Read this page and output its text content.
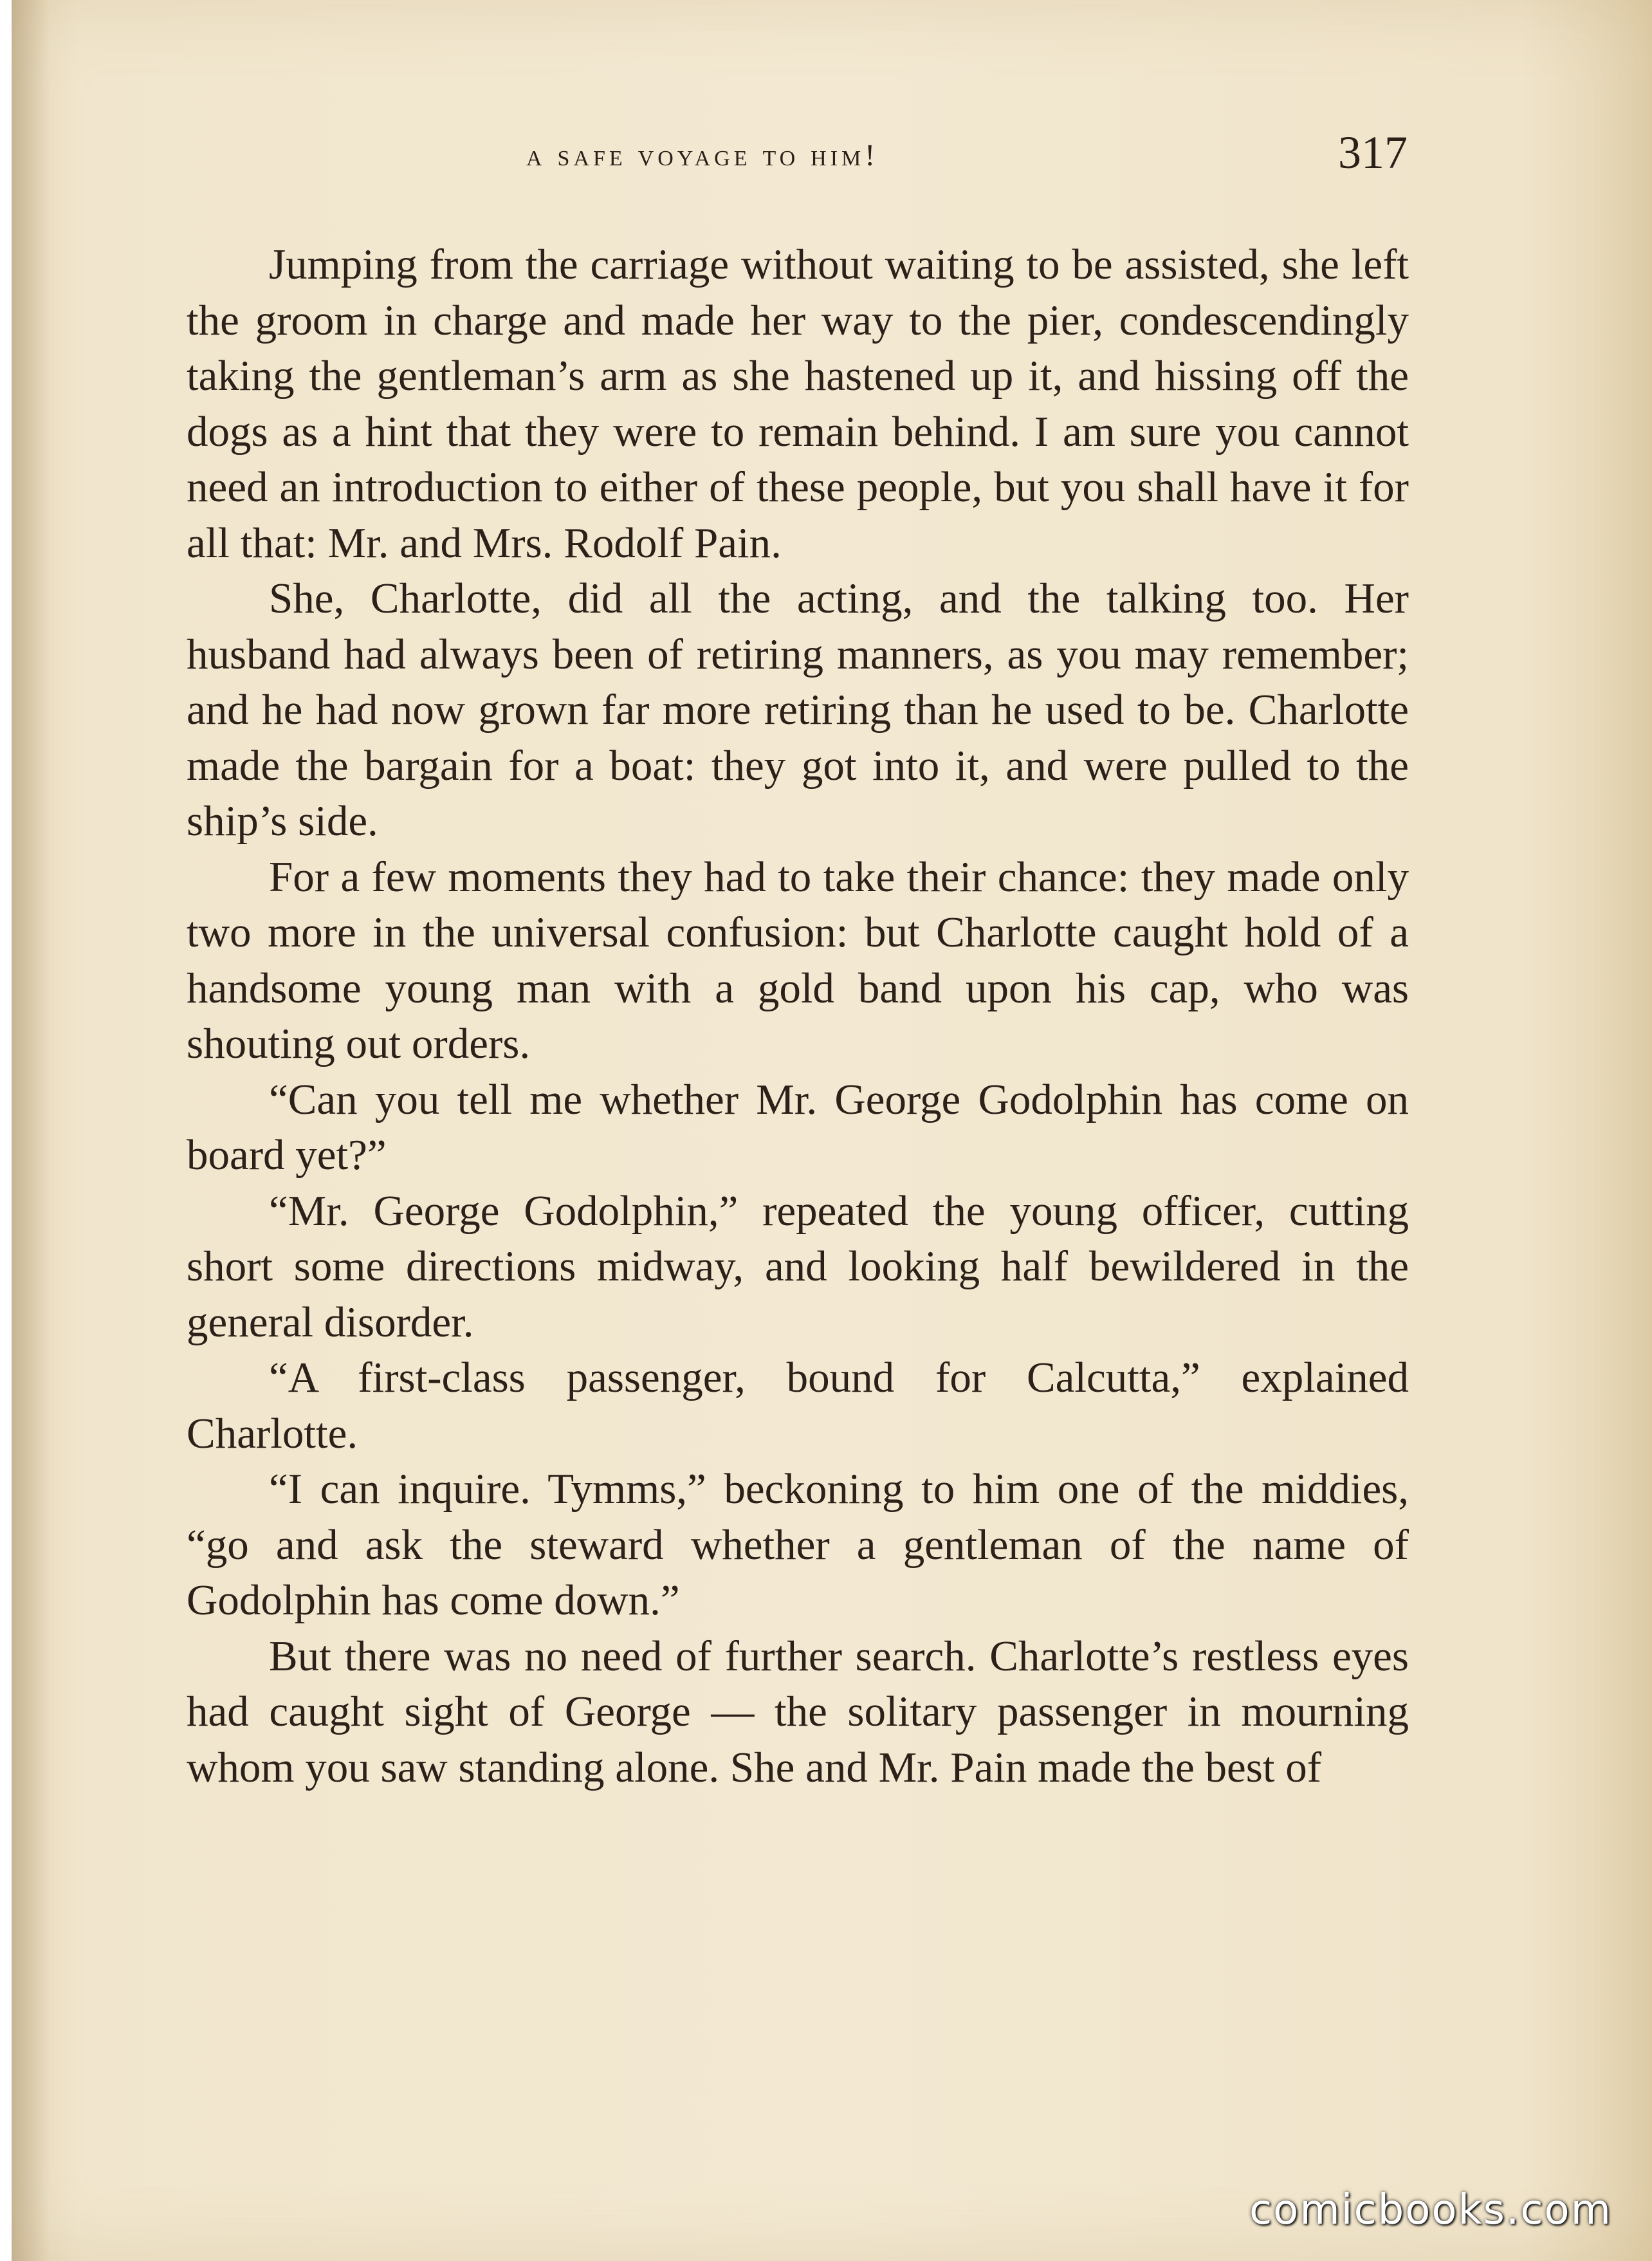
a safe voyage to him!	317

Jumping from the carriage without waiting to be assisted, she left the groom in charge and made her way to the pier, condescendingly taking the gentleman’s arm as she hastened up it, and hissing off the dogs as a hint that they were to remain behind. I am sure you cannot need an introduction to either of these people, but you shall have it for all that: Mr. and Mrs. Rodolf Pain.

She, Charlotte, did all the acting, and the talking too. Her husband had always been of retiring manners, as you may remember; and he had now grown far more retiring than he used to be. Charlotte made the bargain for a boat: they got into it, and were pulled to the ship’s side.

For a few moments they had to take their chance: they made only two more in the universal confusion: but Charlotte caught hold of a handsome young man with a gold band upon his cap, who was shouting out orders.

“Can you tell me whether Mr. George Godolphin has come on board yet?”

“Mr. George Godolphin,” repeated the young officer, cutting short some directions midway, and looking half bewildered in the general disorder.

“A first-class passenger, bound for Calcutta,” explained Charlotte.

“I can inquire. Tymms,” beckoning to him one of the middies, “go and ask the steward whether a gentleman of the name of Godolphin has come down.”

But there was no need of further search. Charlotte’s restless eyes had caught sight of George — the solitary passenger in mourning whom you saw standing alone. She and Mr. Pain made the best of

comicbooks.com
